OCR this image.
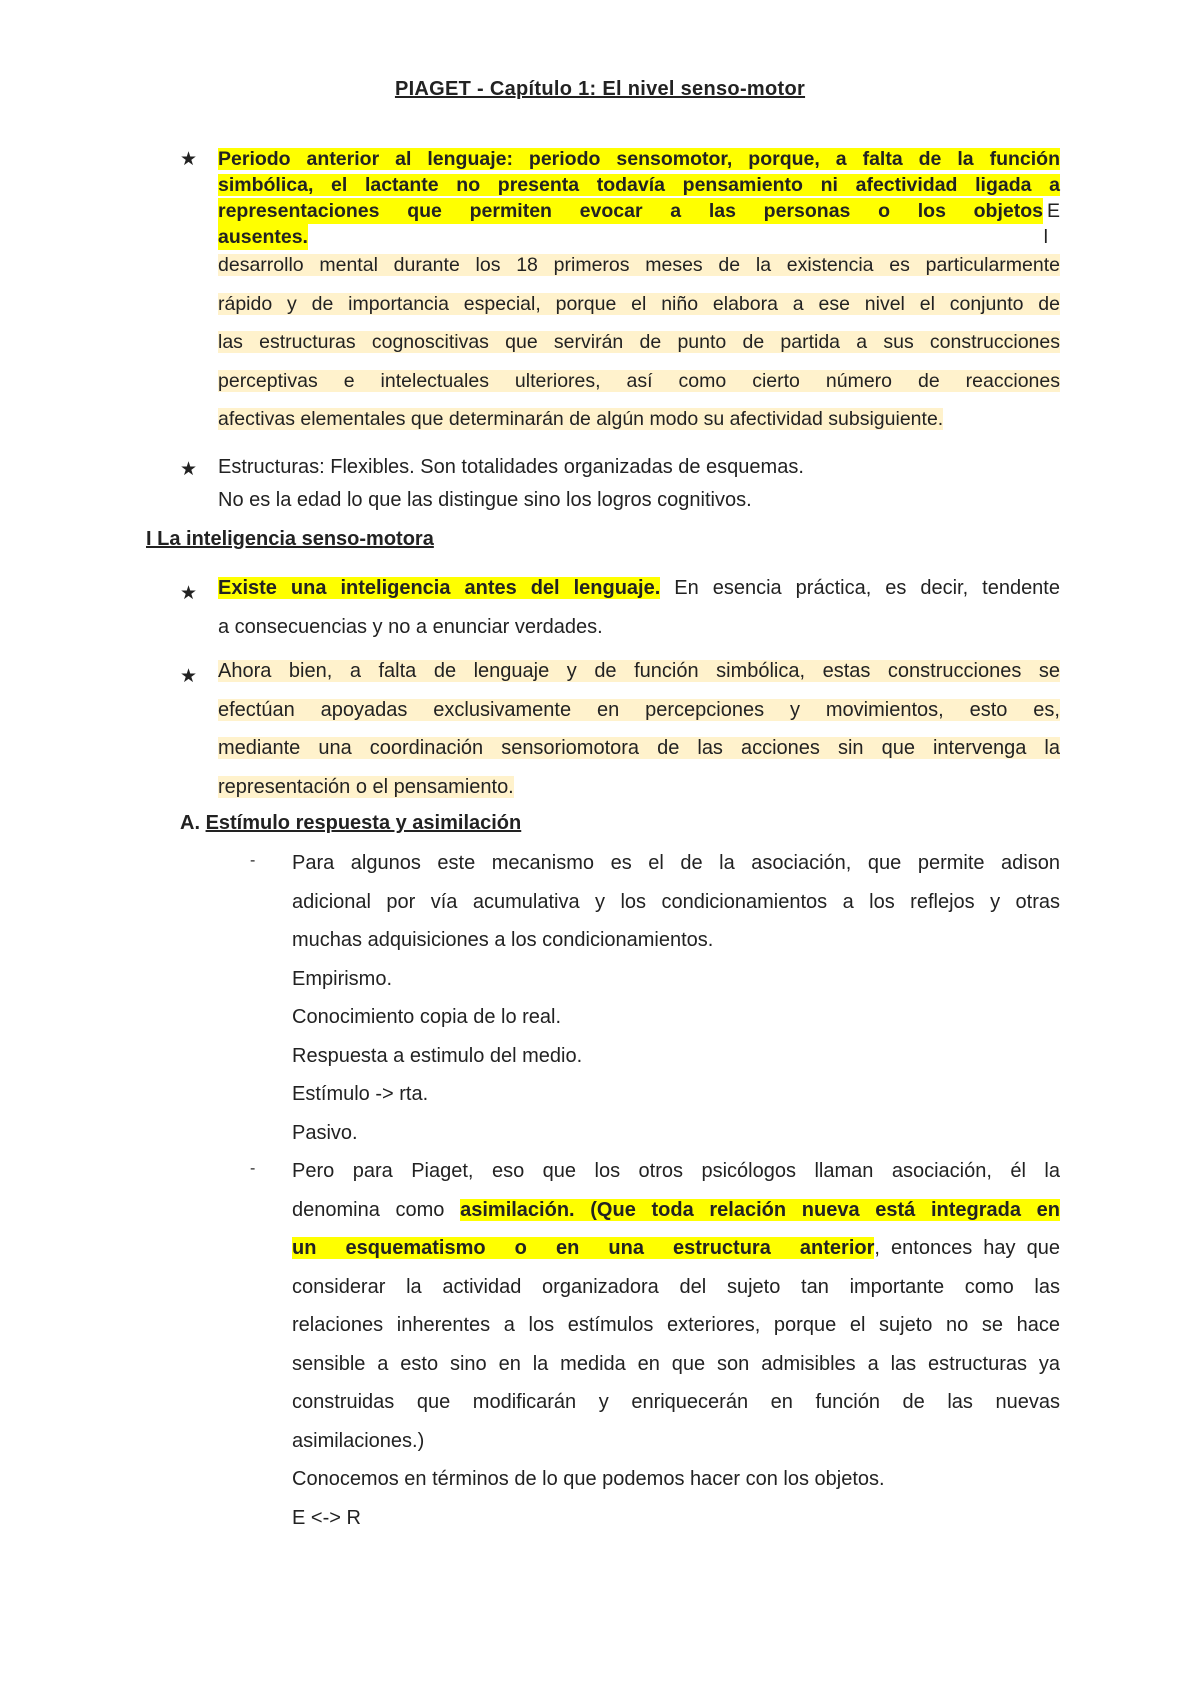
PIAGET - Capítulo 1: El nivel senso-motor
★ Periodo anterior al lenguaje: periodo sensomotor, porque, a falta de la función
simbólica, el lactante no presenta todavía pensamiento ni afectividad ligada a
representaciones que permiten evocar a las personas o los objetos E
ausentes.	l
desarrollo mental durante los 18 primeros meses de la existencia es particularmente
rápido y de importancia especial, porque el niño elabora a ese nivel el conjunto de
las estructuras cognoscitivas que servirán de punto de partida a sus construcciones
perceptivas e intelectuales ulteriores, así como cierto número de reacciones
afectivas elementales que determinarán de algún modo su afectividad subsiguiente.
★ Estructuras: Flexibles. Son totalidades organizadas de esquemas.
No es la edad lo que las distingue sino los logros cognitivos.
I La inteligencia senso-motora
★ Existe una inteligencia antes del lenguaje. En esencia práctica, es decir, tendente
a consecuencias y no a enunciar verdades.
★ Ahora bien, a falta de lenguaje y de función simbólica, estas construcciones se
efectúan apoyadas exclusivamente en percepciones y movimientos, esto es,
mediante una coordinación sensoriomotora de las acciones sin que intervenga la
representación o el pensamiento.
A. Estímulo respuesta y asimilación
- Para algunos este mecanismo es el de la asociación, que permite adison
adicional por vía acumulativa y los condicionamientos a los reflejos y otras
muchas adquisiciones a los condicionamientos.
Empirismo.
Conocimiento copia de lo real.
Respuesta a estimulo del medio.
Estímulo -> rta.
Pasivo.
- Pero para Piaget, eso que los otros psicólogos llaman asociación, él la
denomina como asimilación. (Que toda relación nueva está integrada en
un esquematismo o en una estructura anterior, entonces hay que
considerar la actividad organizadora del sujeto tan importante como las
relaciones inherentes a los estímulos exteriores, porque el sujeto no se hace
sensible a esto sino en la medida en que son admisibles a las estructuras ya
construidas que modificarán y enriquecerán en función de las nuevas
asimilaciones.)
Conocemos en términos de lo que podemos hacer con los objetos.
E <-> R
